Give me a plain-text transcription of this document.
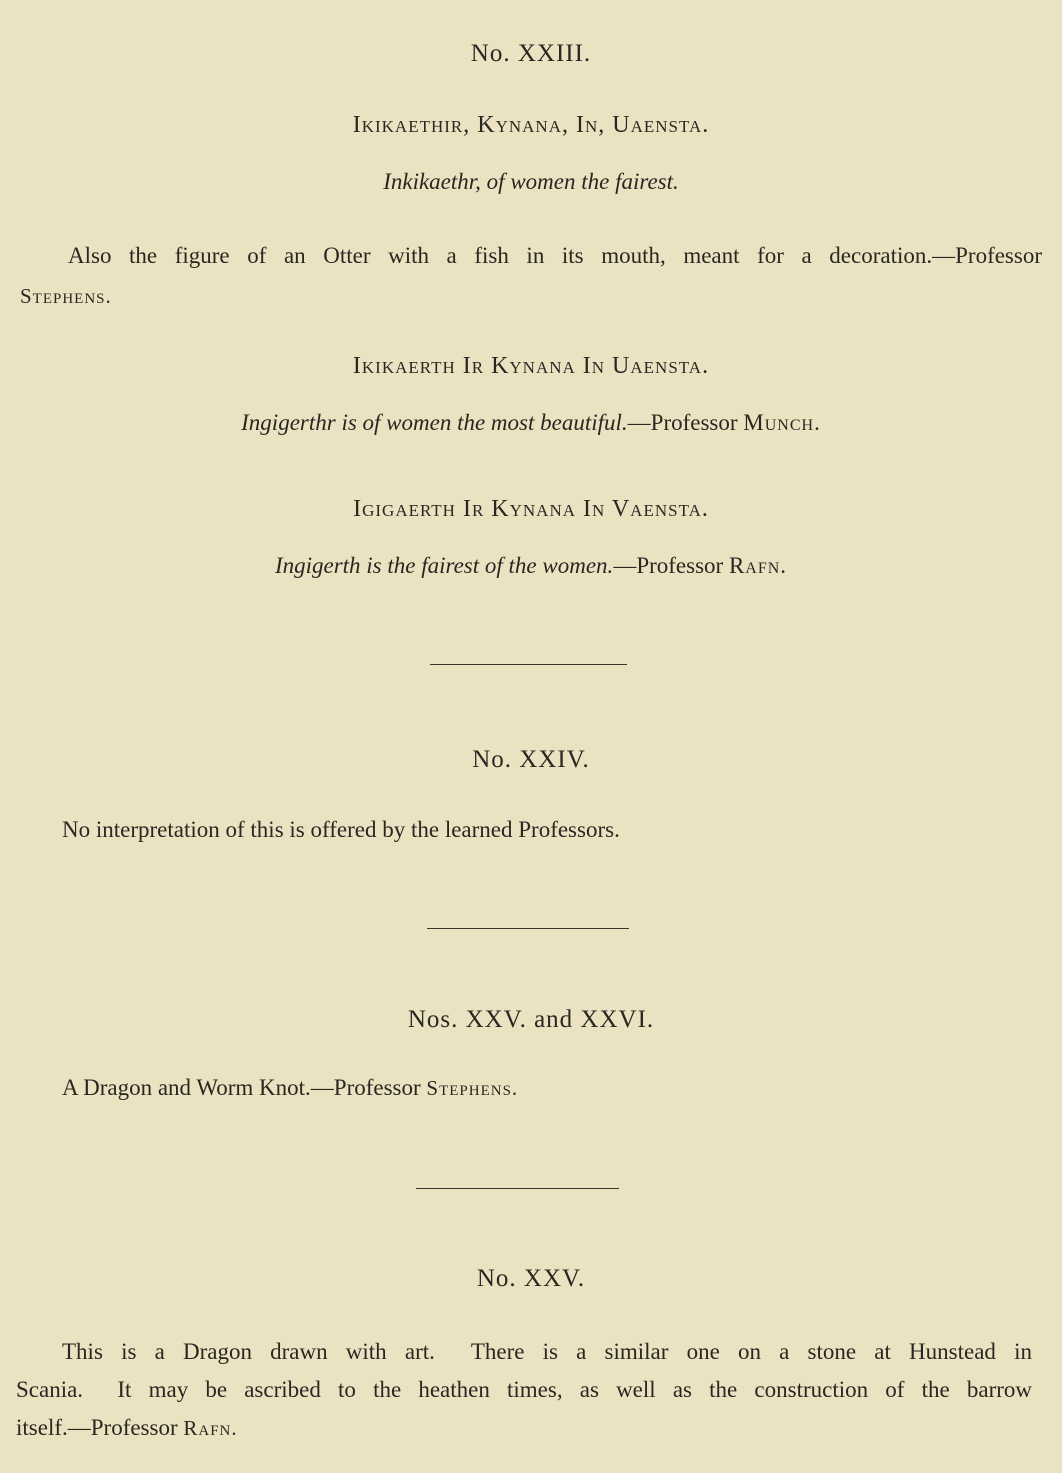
No. XXIII.
Ikikaethir, Kynana, In, Uaensta.
Inkikaethr, of women the fairest.
Also the figure of an Otter with a fish in its mouth, meant for a decoration.—Professor
Stephens.
Ikikaerth Ir Kynana In Uaensta.
Ingigerthr is of women the most beautiful.—Professor Munch.
Igigaerth Ir Kynana In Vaensta.
Ingigerth is the fairest of the women.—Professor Rafn.
No. XXIV.
No interpretation of this is offered by the learned Professors.
Nos. XXV. and XXVI.
A Dragon and Worm Knot.—Professor Stephens.
No. XXV.
This is a Dragon drawn with art.  There is a similar one on a stone at Hunstead in
Scania.  It may be ascribed to the heathen times, as well as the construction of the barrow
itself.—Professor Rafn.
